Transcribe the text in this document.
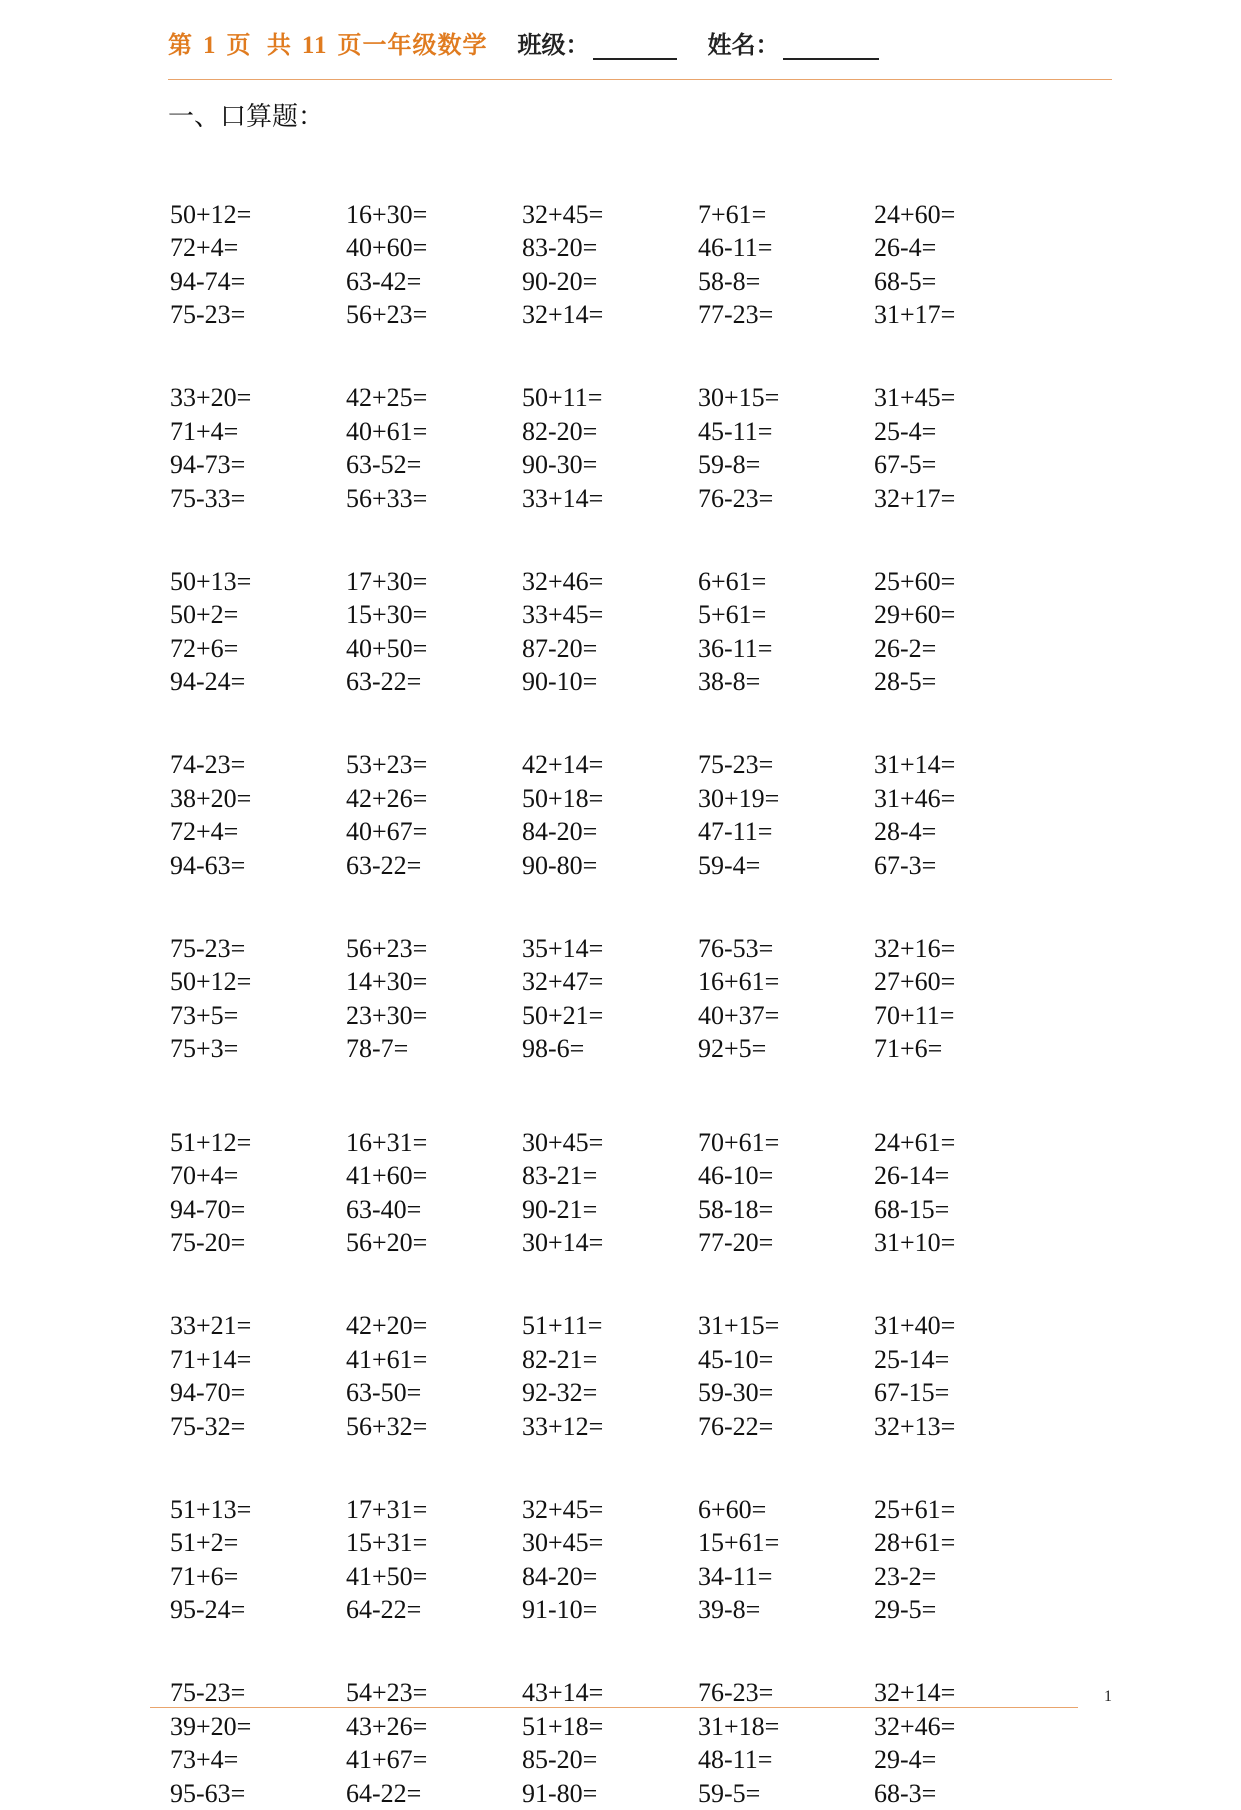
第 1 页 共 11 页一年级数学 班级：	姓名：
一、口算题：
50+12=	16+30=	32+45=	7+61=	24+60=
72+4=	40+60=	83-20=	46-11=	26-4=
94-74=	63-42=	90-20=	58-8=	68-5=
75-23=	56+23=	32+14=	77-23=	31+17=
33+20=	42+25=	50+11=	30+15=	31+45=
71+4=	40+61=	82-20=	45-11=	25-4=
94-73=	63-52=	90-30=	59-8=	67-5=
75-33=	56+33=	33+14=	76-23=	32+17=
50+13=	17+30=	32+46=	6+61=	25+60=
50+2=	15+30=	33+45=	5+61=	29+60=
72+6=	40+50=	87-20=	36-11=	26-2=
94-24=	63-22=	90-10=	38-8=	28-5=
74-23=	53+23=	42+14=	75-23=	31+14=
38+20=	42+26=	50+18=	30+19=	31+46=
72+4=	40+67=	84-20=	47-11=	28-4=
94-63=	63-22=	90-80=	59-4=	67-3=
75-23=	56+23=	35+14=	76-53=	32+16=
50+12=	14+30=	32+47=	16+61=	27+60=
73+5=	23+30=	50+21=	40+37=	70+11=
75+3=	78-7=	98-6=	92+5=	71+6=
51+12=	16+31=	30+45=	70+61=	24+61=
70+4=	41+60=	83-21=	46-10=	26-14=
94-70=	63-40=	90-21=	58-18=	68-15=
75-20=	56+20=	30+14=	77-20=	31+10=
33+21=	42+20=	51+11=	31+15=	31+40=
71+14=	41+61=	82-21=	45-10=	25-14=
94-70=	63-50=	92-32=	59-30=	67-15=
75-32=	56+32=	33+12=	76-22=	32+13=
51+13=	17+31=	32+45=	6+60=	25+61=
51+2=	15+31=	30+45=	15+61=	28+61=
71+6=	41+50=	84-20=	34-11=	23-2=
95-24=	64-22=	91-10=	39-8=	29-5=
75-23=	54+23=	43+14=	76-23=	32+14=
39+20=	43+26=	51+18=	31+18=	32+46=
73+4=	41+67=	85-20=	48-11=	29-4=
95-63=	64-22=	91-80=	59-5=	68-3=
1
